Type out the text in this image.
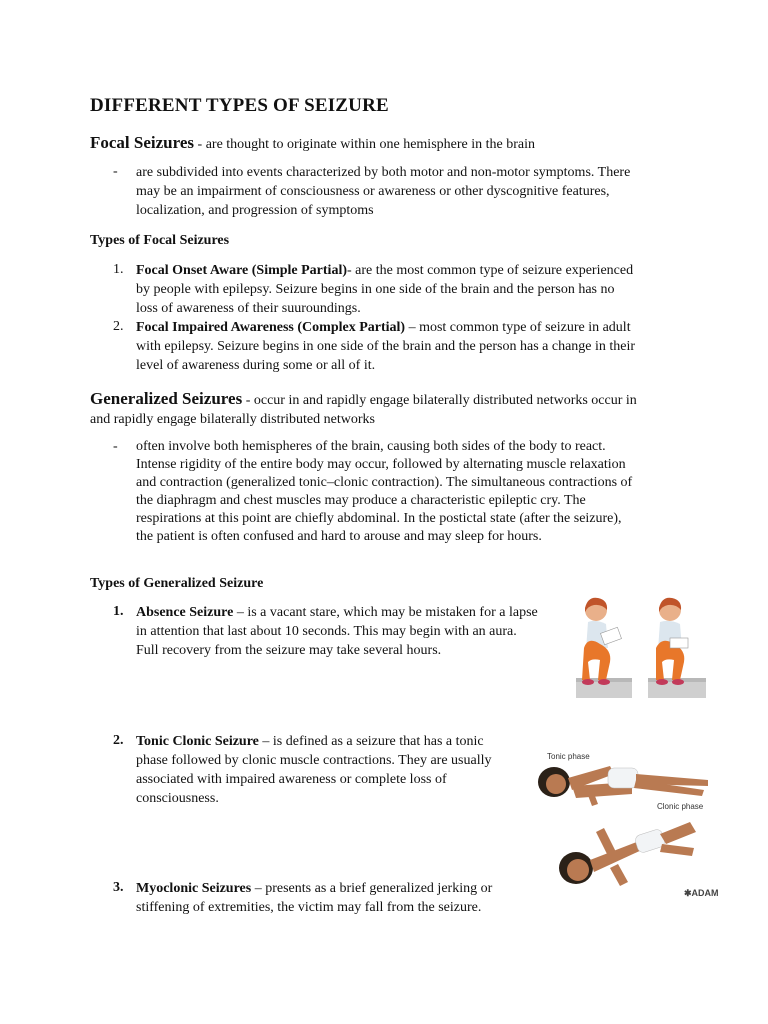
DIFFERENT TYPES OF SEIZURE
Focal Seizures - are thought to originate within one hemisphere in the brain
- are subdivided into events characterized by both motor and non-motor symptoms. There
may be an impairment of consciousness or awareness or other dyscognitive features,
localization, and progression of symptoms
Types of Focal Seizures
1. Focal Onset Aware (Simple Partial)- are the most common type of seizure experienced
by people with epilepsy. Seizure begins in one side of the brain and the person has no
loss of awareness of their suuroundings.
2. Focal Impaired Awareness (Complex Partial) – most common type of seizure in adult
with epilepsy. Seizure begins in one side of the brain and the person has a change in their
level of awareness during some or all of it.
Generalized Seizures - occur in and rapidly engage bilaterally distributed networks occur in
and rapidly engage bilaterally distributed networks
- often involve both hemispheres of the brain, causing both sides of the body to react.
Intense rigidity of the entire body may occur, followed by alternating muscle relaxation
and contraction (generalized tonic–clonic contraction). The simultaneous contractions of
the diaphragm and chest muscles may produce a characteristic epileptic cry. The
respirations at this point are chiefly abdominal. In the postictal state (after the seizure),
the patient is often confused and hard to arouse and may sleep for hours.
Types of Generalized Seizure
1. Absence Seizure – is a vacant stare, which may be mistaken for a lapse
in attention that last about 10 seconds. This may begin with an aura.
Full recovery from the seizure may take several hours.
2. Tonic Clonic Seizure – is defined as a seizure that has a tonic
phase followed by clonic muscle contractions. They are usually
associated with impaired awareness or complete loss of
consciousness.
3. Myoclonic Seizures – presents as a brief generalized jerking or
stiffening of extremities, the victim may fall from the seizure.
Tonic phase
Clonic phase
✱ADAM
